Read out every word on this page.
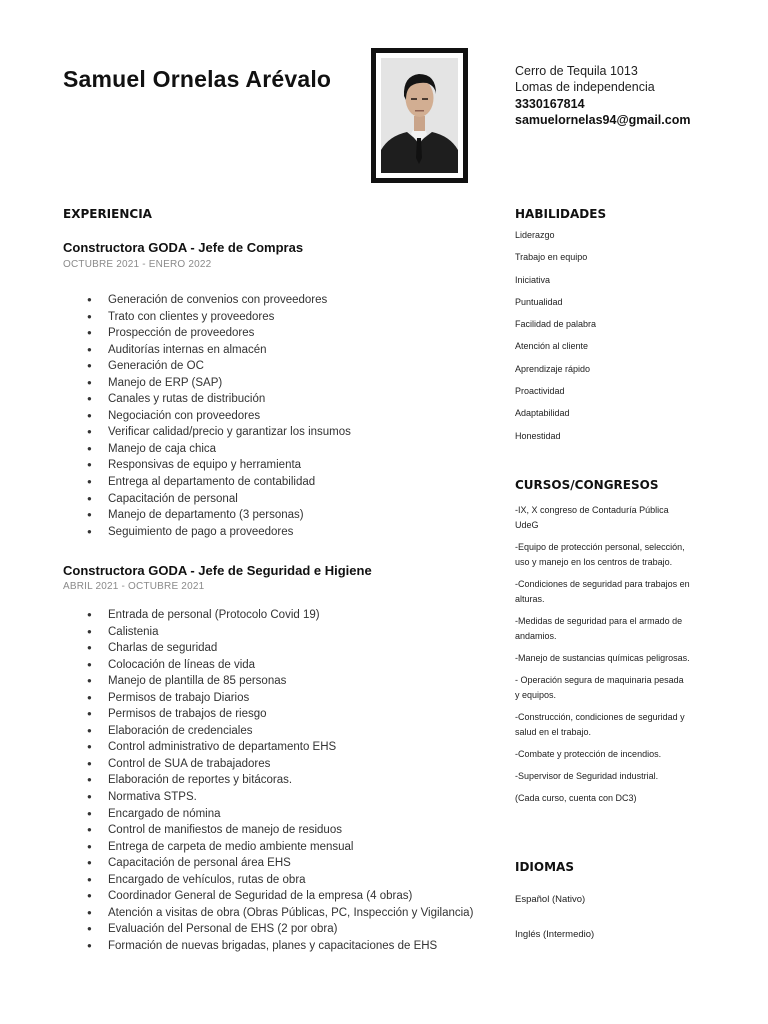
Samuel Ornelas Arévalo	Cerro de Tequila 1013
Lomas de independencia
3330167814
samuelornelas94@gmail.com
EXPERIENCIA
Constructora GODA - Jefe de Compras
OCTUBRE 2021 - ENERO 2022
● Generación de convenios con proveedores
● Trato con clientes y proveedores
● Prospección de proveedores
● Auditorías internas en almacén
● Generación de OC
● Manejo de ERP (SAP)
● Canales y rutas de distribución
● Negociación con proveedores
● Verificar calidad/precio y garantizar los insumos
● Manejo de caja chica
● Responsivas de equipo y herramienta
● Entrega al departamento de contabilidad
● Capacitación de personal
● Manejo de departamento (3 personas)
● Seguimiento de pago a proveedores
Constructora GODA - Jefe de Seguridad e Higiene
ABRIL 2021 - OCTUBRE 2021
● Entrada de personal (Protocolo Covid 19)
● Calistenia
● Charlas de seguridad
● Colocación de líneas de vida
● Manejo de plantilla de 85 personas
● Permisos de trabajo Diarios
● Permisos de trabajos de riesgo
● Elaboración de credenciales
● Control administrativo de departamento EHS
● Control de SUA de trabajadores
● Elaboración de reportes y bitácoras.
● Normativa STPS.
● Encargado de nómina
● Control de manifiestos de manejo de residuos
● Entrega de carpeta de medio ambiente mensual
● Capacitación de personal área EHS
● Encargado de vehículos, rutas de obra
● Coordinador General de Seguridad de la empresa (4 obras)
● Atención a visitas de obra (Obras Públicas, PC, Inspección y Vigilancia)
● Evaluación del Personal de EHS (2 por obra)
● Formación de nuevas brigadas, planes y capacitaciones de EHS
HABILIDADES
Liderazgo
Trabajo en equipo
Iniciativa
Puntualidad
Facilidad de palabra
Atención al cliente
Aprendizaje rápido
Proactividad
Adaptabilidad
Honestidad
CURSOS/CONGRESOS
-IX, X congreso de Contaduría Pública UdeG
-Equipo de protección personal, selección, uso y manejo en los centros de trabajo.
-Condiciones de seguridad para trabajos en alturas.
-Medidas de seguridad para el armado de andamios.
-Manejo de sustancias químicas peligrosas.
- Operación segura de maquinaria pesada y equipos.
-Construcción, condiciones de seguridad y salud en el trabajo.
-Combate y protección de incendios.
-Supervisor de Seguridad industrial.
(Cada curso, cuenta con DC3)
IDIOMAS
Español (Nativo)
Inglés (Intermedio)
